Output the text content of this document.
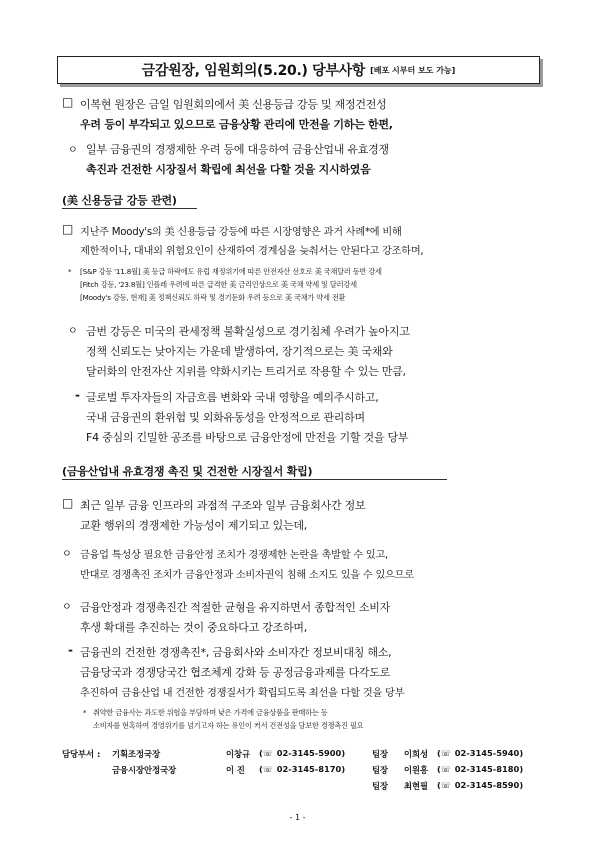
금감원장, 임원회의(5.20.) 당부사항 [배포 시부터 보도 가능]
□ 이복현 원장은 금일 임원회의에서 美 신용등급 강등 및 재정건전성
우려 등이 부각되고 있으므로 금융상황 관리에 만전을 기하는 한편,
ㅇ 일부 금융권의 경쟁제한 우려 등에 대응하여 금융산업내 유효경쟁
촉진과 건전한 시장질서 확립에 최선을 다할 것을 지시하였음
(美 신용등급 강등 관련)
□ 지난주 Moody's의 美 신용등급 강등에 따른 시장영향은 과거 사례*에 비해
제한적이나, 대내외 위험요인이 산재하여 경계심을 늦춰서는 안된다고 강조하며,
* [S&P 강등 '11.8월] 美 등급 하락에도 유럽 재정위기에 따른 안전자산 선호로 美 국채달러 동반 강세
[Fitch 강등, '23.8월] 인플레 우려에 따른 급격한 美 금리인상으로 美 국채 약세 및 달러강세
[Moody's 강등, 현재] 美 정책신뢰도 하락 및 경기둔화 우려 등으로 美 국채가 약세 전환
ㅇ 금번 강등은 미국의 관세정책 불확실성으로 경기침체 우려가 높아지고
정책 신뢰도는 낮아지는 가운데 발생하여, 장기적으로는 美 국채와
달러화의 안전자산 지위를 약화시키는 트리거로 작용할 수 있는 만큼,
- 글로벌 투자자들의 자금흐름 변화와 국내 영향을 예의주시하고,
국내 금융권의 환위험 및 외화유동성을 안정적으로 관리하며
F4 중심의 긴밀한 공조를 바탕으로 금융안정에 만전을 기할 것을 당부
(금융산업내 유효경쟁 촉진 및 건전한 시장질서 확립)
□ 최근 일부 금융 인프라의 과점적 구조와 일부 금융회사간 정보
교환 행위의 경쟁제한 가능성이 제기되고 있는데,
ㅇ 금융업 특성상 필요한 금융안정 조치가 경쟁제한 논란을 촉발할 수 있고,
반대로 경쟁촉진 조치가 금융안정과 소비자권익 침해 소지도 있을 수 있으므로
ㅇ 금융안정과 경쟁촉진간 적절한 균형을 유지하면서 종합적인 소비자
후생 확대를 추진하는 것이 중요하다고 강조하며,
- 금융권의 건전한 경쟁촉진*, 금융회사와 소비자간 정보비대칭 해소,
금융당국과 경쟁당국간 협조체계 강화 등 공정금융과제를 다각도로
추진하여 금융산업 내 건전한 경쟁질서가 확립되도록 최선을 다할 것을 당부
* 취약한 금융사는 과도한 위험을 부담하며 낮은 가격에 금융상품을 판매하는 등
소비자를 현혹하여 경영위기를 넘기고자 하는 유인이 커서 건전성을 담보한 경쟁촉진 필요
담당부서 : 기획조정국장
금융시장안정국장
이창규 (☏ 02-3145-5900)	팀장 이희성 (☏ 02-3145-5940)
이 진 (☏ 02-3145-8170)	팀장 이원흥 (☏ 02-3145-8180)
팀장 최현필 (☏ 02-3145-8590)
- 1 -
